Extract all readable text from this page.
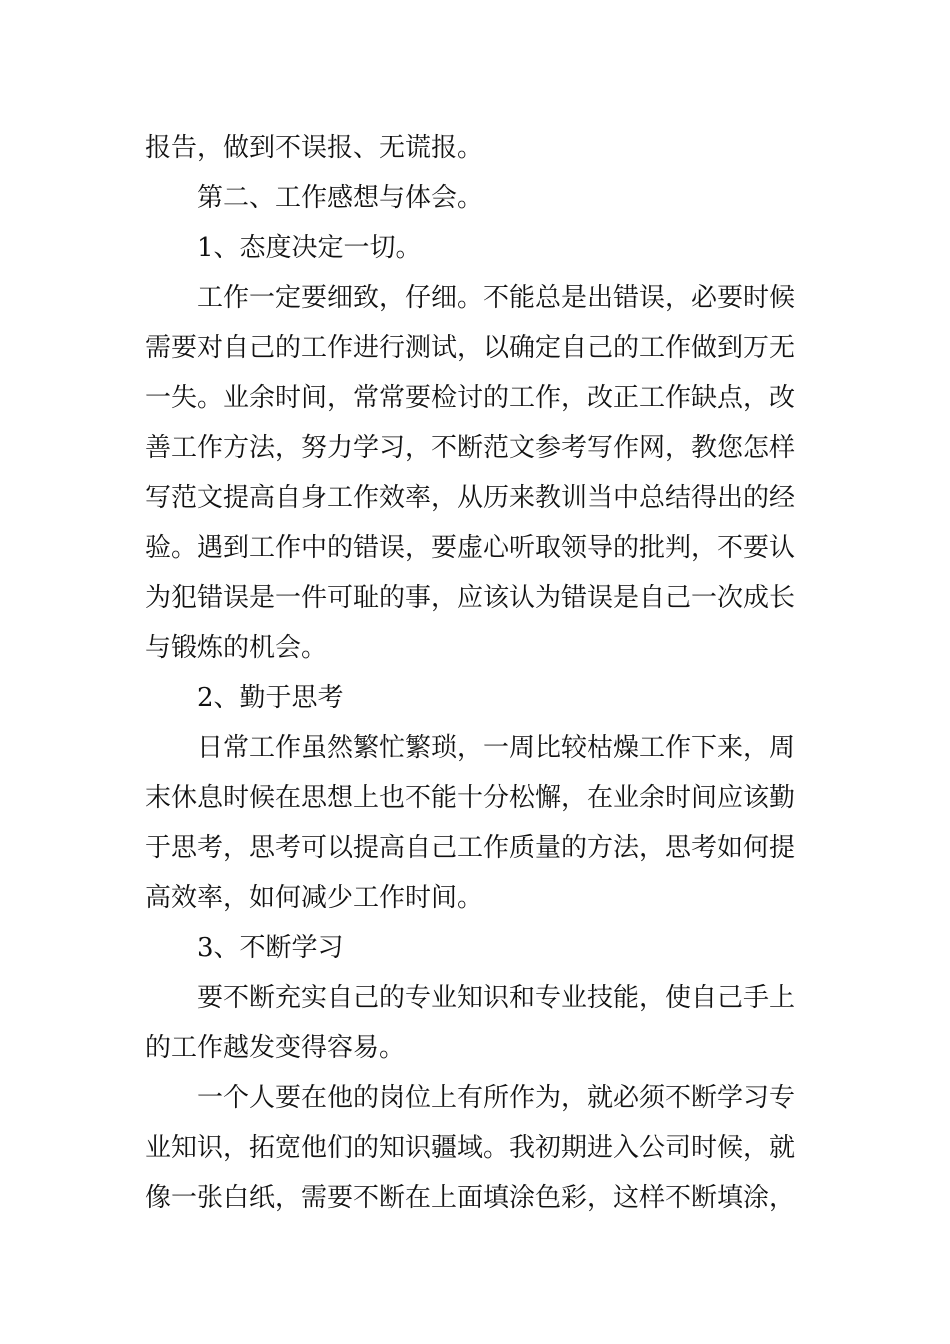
报告，做到不误报、无谎报。
第二、工作感想与体会。
1、态度决定一切。
工作一定要细致，仔细。不能总是出错误，必要时候
需要对自己的工作进行测试，以确定自己的工作做到万无
一失。业余时间，常常要检讨的工作，改正工作缺点，改
善工作方法，努力学习，不断范文参考写作网，教您怎样
写范文提高自身工作效率，从历来教训当中总结得出的经
验。遇到工作中的错误，要虚心听取领导的批判，不要认
为犯错误是一件可耻的事，应该认为错误是自己一次成长
与锻炼的机会。
2、勤于思考
日常工作虽然繁忙繁琐，一周比较枯燥工作下来，周
末休息时候在思想上也不能十分松懈，在业余时间应该勤
于思考，思考可以提高自己工作质量的方法，思考如何提
高效率，如何减少工作时间。
3、不断学习
要不断充实自己的专业知识和专业技能，使自己手上
的工作越发变得容易。
一个人要在他的岗位上有所作为，就必须不断学习专
业知识，拓宽他们的知识疆域。我初期进入公司时候，就
像一张白纸，需要不断在上面填涂色彩，这样不断填涂，
